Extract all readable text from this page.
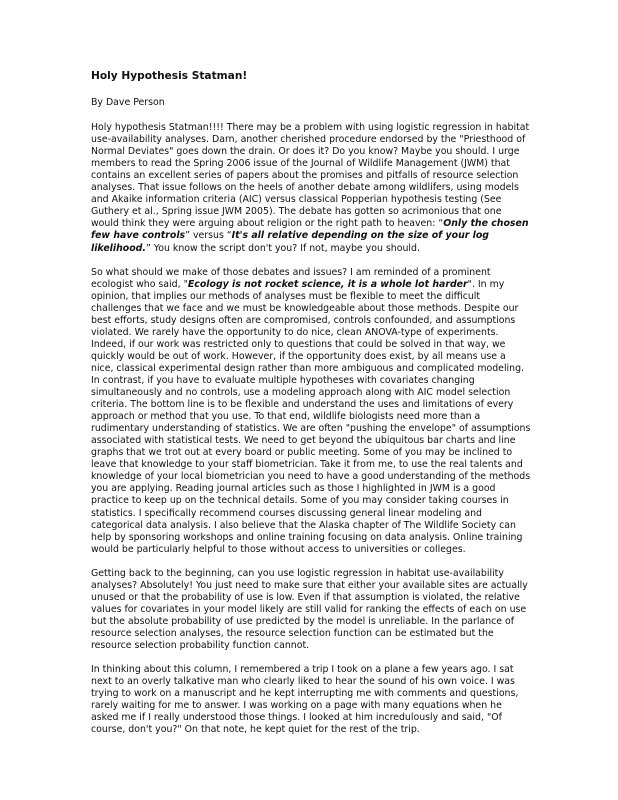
Holy Hypothesis Statman!
By Dave Person

Holy hypothesis Statman!!!! There may be a problem with using logistic regression in habitat use-availability analyses. Darn, another cherished procedure endorsed by the "Priesthood of Normal Deviates" goes down the drain. Or does it? Do you know? Maybe you should. I urge members to read the Spring 2006 issue of the Journal of Wildlife Management (JWM) that contains an excellent series of papers about the promises and pitfalls of resource selection analyses. That issue follows on the heels of another debate among wildlifers, using models and Akaike information criteria (AIC) versus classical Popperian hypothesis testing (See Guthery et al., Spring issue JWM 2005). The debate has gotten so acrimonious that one would think they were arguing about religion or the right path to heaven: “Only the chosen few have controls” versus “It's all relative depending on the size of your log likelihood.” You know the script don't you? If not, maybe you should.

So what should we make of those debates and issues? I am reminded of a prominent ecologist who said, "Ecology is not rocket science, it is a whole lot harder". In my opinion, that implies our methods of analyses must be flexible to meet the difficult challenges that we face and we must be knowledgeable about those methods. Despite our best efforts, study designs often are compromised, controls confounded, and assumptions violated. We rarely have the opportunity to do nice, clean ANOVA-type of experiments. Indeed, if our work was restricted only to questions that could be solved in that way, we quickly would be out of work. However, if the opportunity does exist, by all means use a nice, classical experimental design rather than more ambiguous and complicated modeling. In contrast, if you have to evaluate multiple hypotheses with covariates changing simultaneously and no controls, use a modeling approach along with AIC model selection criteria. The bottom line is to be flexible and understand the uses and limitations of every approach or method that you use. To that end, wildlife biologists need more than a rudimentary understanding of statistics. We are often "pushing the envelope" of assumptions associated with statistical tests. We need to get beyond the ubiquitous bar charts and line graphs that we trot out at every board or public meeting. Some of you may be inclined to leave that knowledge to your staff biometrician. Take it from me, to use the real talents and knowledge of your local biometrician you need to have a good understanding of the methods you are applying. Reading journal articles such as those I highlighted in JWM is a good practice to keep up on the technical details. Some of you may consider taking courses in statistics. I specifically recommend courses discussing general linear modeling and categorical data analysis. I also believe that the Alaska chapter of The Wildlife Society can help by sponsoring workshops and online training focusing on data analysis. Online training would be particularly helpful to those without access to universities or colleges.

Getting back to the beginning, can you use logistic regression in habitat use-availability analyses? Absolutely! You just need to make sure that either your available sites are actually unused or that the probability of use is low. Even if that assumption is violated, the relative values for covariates in your model likely are still valid for ranking the effects of each on use but the absolute probability of use predicted by the model is unreliable. In the parlance of resource selection analyses, the resource selection function can be estimated but the resource selection probability function cannot.

In thinking about this column, I remembered a trip I took on a plane a few years ago. I sat next to an overly talkative man who clearly liked to hear the sound of his own voice. I was trying to work on a manuscript and he kept interrupting me with comments and questions, rarely waiting for me to answer. I was working on a page with many equations when he asked me if I really understood those things. I looked at him incredulously and said, "Of course, don't you?" On that note, he kept quiet for the rest of the trip.
